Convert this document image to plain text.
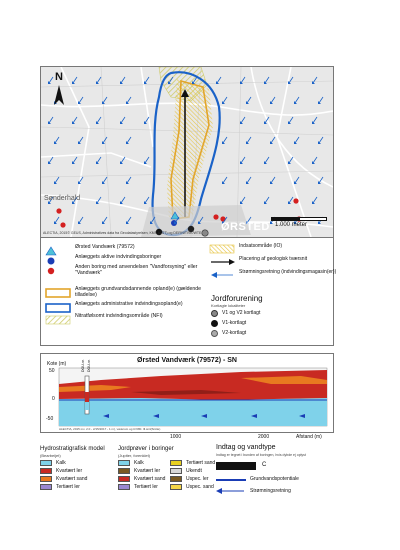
N
Sønderhald
ØRSTED 1.000 meter
ALECTIA, 2015© GEUS, Administratives data fra Geodatastyrelsen, KMS (GST) og DEFINITIVE/WTE
Ørsted Vandværk (79572)
Anlæggets aktive indvindingsboringer
Anden boring med anvendelsen "Vandforsyning" eller "Vandværk"
Anlæggets grundvandsdannende opland(e) (gældende tilladelse)
Anlæggets administrative indvindingsopland(e)
Nitratfølsomt indvindingsområde (NFI)
Indsatsområde (IO)
Placering af geologisk tværsnit
Strømningsretning (indvindingsmagasin(er))
Jordforurening
Kortlagte lokaliteter
V1 og V2 kortlagt
V1-kortlagt
V2-kortlagt
Ørsted Vandværk (79572) - SN
Kote (m)
50
0
-50
DGU-nr. DGU-nr.
ALECTIA, 2015 mv. 2.0 - 2/15/2017 - 1 m), vælerum og til 680. Ill.snit(Snitte)
1000	2000	Afstand (m)
Hydrostratigrafisk model
(Bearbeijet)
Kalk
Kvartært ler
Kvartært sand
Tertiært ler
Jordprøver i boringer
(Jupiter, forenklet)
Kalk
Kvartært ler
Kvartært sand
Tertiært ler
Tertiært sand
Ukendt
Uspec. ler
Uspec. sand
Indtag og vandtype
Indtag er tegnet i bunden af boringen, hvis dybde ej oplyst
C
Grundvandspotentiale
Strømningsretning
